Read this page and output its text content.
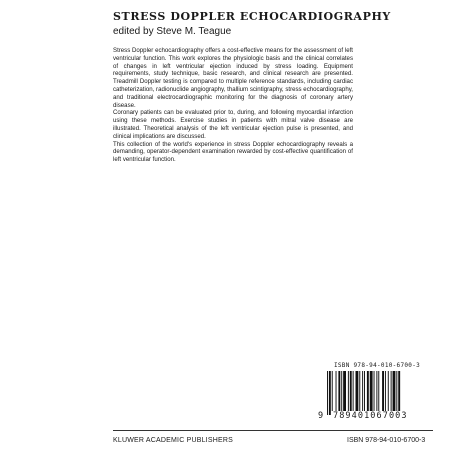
STRESS DOPPLER ECHOCARDIOGRAPHY
edited by Steve M. Teague

Stress Doppler echocardiography offers a cost-effective means for the assessment of left ventricular function. This work explores the physiologic basis and the clinical correlates of changes in left ventricular ejection induced by stress loading. Equipment requirements, study technique, basic research, and clinical research are presented. Treadmill Doppler testing is compared to multiple reference standards, including cardiac catheterization, radionuclide angiography, thallium scintigraphy, stress echocardiography, and traditional electrocardiographic monitoring for the diagnosis of coronary artery disease.

Coronary patients can be evaluated prior to, during, and following myocardial infarction using these methods. Exercise studies in patients with mitral valve disease are illustrated. Theoretical analysis of the left ventricular ejection pulse is presented, and clinical implications are discussed.

This collection of the world's experience in stress Doppler echocardiography reveals a demanding, operator-dependent examination rewarded by cost-effective quantification of left ventricular function.

ISBN 978-94-010-6700-3
9 789401067003
KLUWER ACADEMIC PUBLISHERS	ISBN 978-94-010-6700-3
